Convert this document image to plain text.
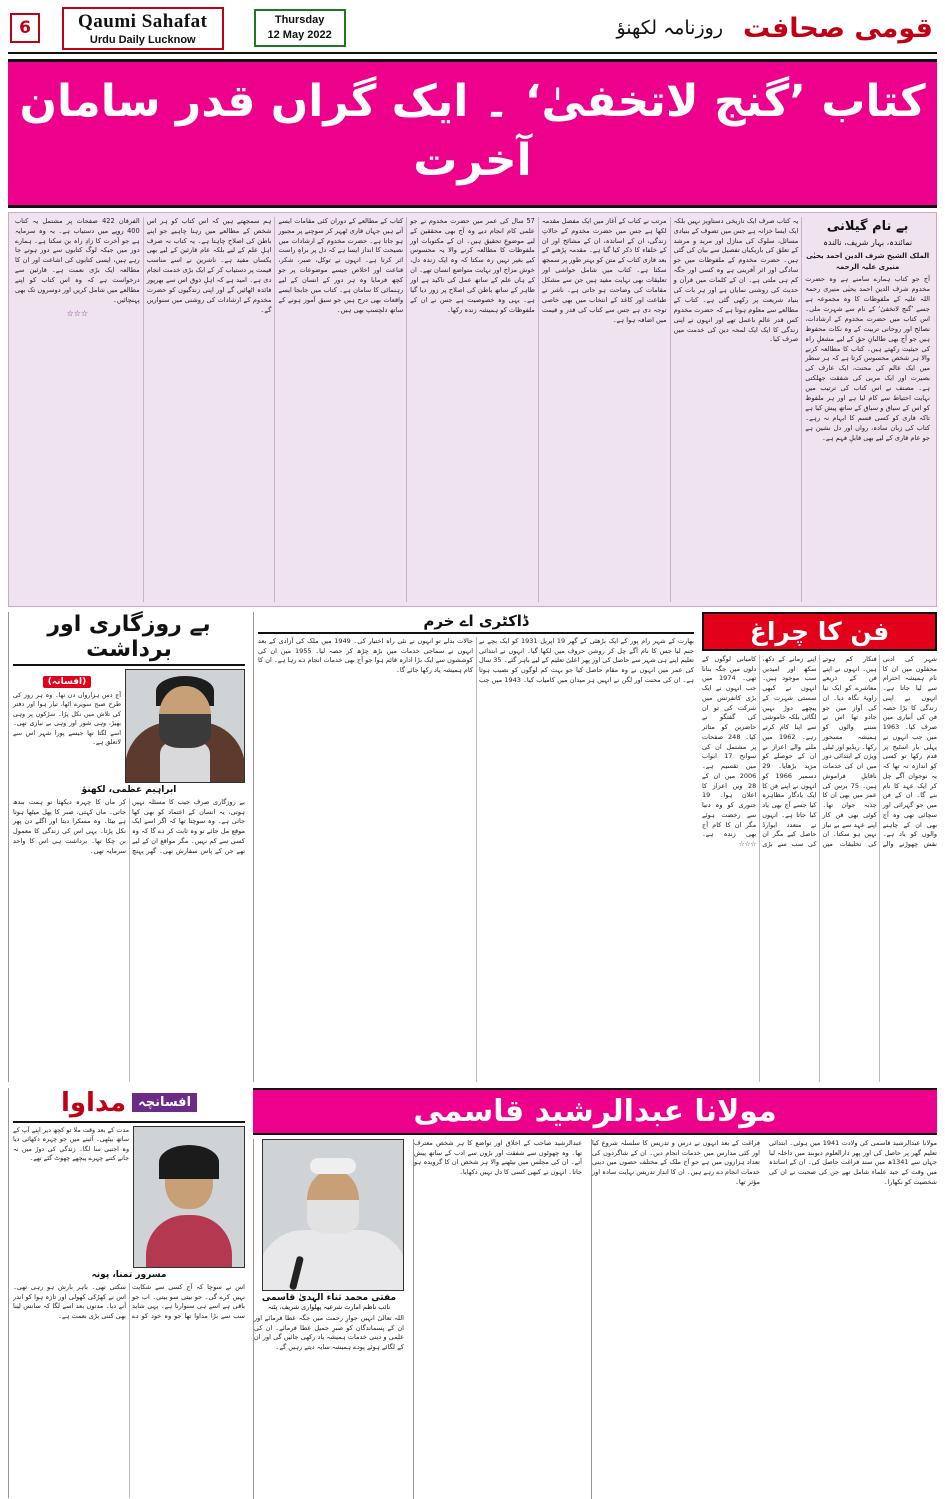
6	Qaumi Sahafat
Urdu Daily Lucknow
Thursday
12 May 2022	روزنامہ لکھنؤ قومی صحافت
کتاب ’گنج لاتخفیٰ‘ ۔ ایک گراں قدر سامان آخرت
بے نام گیلانی
نمائندہ، بہار شریف، نالندہ
الملک الشیخ شرف الدین احمد یحیٰی منیری علیہ الرحمہ
آج جو کتاب ہمارے سامنے ہے وہ حضرت مخدوم شرف الدین احمد یحیٰی منیری رحمۃ اللہ علیہ کے ملفوظات کا وہ مجموعہ ہے جسے ’گنج لاتخفیٰ‘ کے نام سے شہرت ملی۔ اس کتاب میں حضرت مخدوم کے ارشادات، نصائح اور روحانی تربیت کے وہ نکات محفوظ ہیں جو آج بھی طالبانِ حق کے لیے مشعلِ راہ کی حیثیت رکھتے ہیں۔ کتاب کا مطالعہ کرنے والا ہر شخص محسوس کرتا ہے کہ ہر سطر میں ایک عالم کی محنت، ایک عارف کی بصیرت اور ایک مربی کی شفقت جھلکتی ہے۔ مصنف نے اس کتاب کی ترتیب میں نہایت احتیاط سے کام لیا ہے اور ہر ملفوظ کو اس کے سیاق و سباق کے ساتھ پیش کیا ہے تاکہ قاری کو کسی قسم کا ابہام نہ رہے۔ کتاب کی زبان سادہ، رواں اور دل نشین ہے جو عام قاری کے لیے بھی قابلِ فہم ہے۔
یہ کتاب صرف ایک تاریخی دستاویز نہیں بلکہ ایک ایسا خزانہ ہے جس میں تصوف کے بنیادی مسائل، سلوک کی منازل اور مرید و مرشد کے تعلق کی باریکیاں تفصیل سے بیان کی گئی ہیں۔ حضرت مخدوم کے ملفوظات میں جو سادگی اور اثر آفرینی ہے وہ کسی اور جگہ کم ہی ملتی ہے۔ ان کے کلمات میں قرآن و حدیث کی روشنی نمایاں ہے اور ہر بات کی بنیاد شریعت پر رکھی گئی ہے۔ کتاب کے مطالعے سے معلوم ہوتا ہے کہ حضرت مخدوم کس قدر عالمِ باعمل تھے اور انہوں نے اپنی زندگی کا ایک ایک لمحہ دین کی خدمت میں صرف کیا۔
مرتب نے کتاب کے آغاز میں ایک مفصل مقدمہ لکھا ہے جس میں حضرت مخدوم کے حالاتِ زندگی، ان کے اساتذہ، ان کے مشائخ اور ان کے خلفاء کا ذکر کیا گیا ہے۔ مقدمہ پڑھنے کے بعد قاری کتاب کے متن کو بہتر طور پر سمجھ سکتا ہے۔ کتاب میں شامل حواشی اور تعلیقات بھی نہایت مفید ہیں جن سے مشکل مقامات کی وضاحت ہو جاتی ہے۔ ناشر نے طباعت اور کاغذ کے انتخاب میں بھی خاصی توجہ دی ہے جس سے کتاب کی قدر و قیمت میں اضافہ ہوا ہے۔
57 سال کی عمر میں حضرت مخدوم نے جو علمی کام انجام دیے وہ آج بھی محققین کے لیے موضوعِ تحقیق ہیں۔ ان کے مکتوبات اور ملفوظات کا مطالعہ کرنے والا یہ محسوس کیے بغیر نہیں رہ سکتا کہ وہ ایک زندہ دل، خوش مزاج اور نہایت متواضع انسان تھے۔ ان کے ہاں علم کے ساتھ عمل کی تاکید ہے اور ظاہر کے ساتھ باطن کی اصلاح پر زور دیا گیا ہے۔ یہی وہ خصوصیت ہے جس نے ان کے ملفوظات کو ہمیشہ زندہ رکھا۔
کتاب کے مطالعے کے دوران کئی مقامات ایسے آتے ہیں جہاں قاری ٹھہر کر سوچنے پر مجبور ہو جاتا ہے۔ حضرت مخدوم کے ارشادات میں نصیحت کا انداز ایسا ہے کہ دل پر براہِ راست اثر کرتا ہے۔ انہوں نے توکل، صبر، شکر، قناعت اور اخلاص جیسے موضوعات پر جو کچھ فرمایا وہ ہر دور کے انسان کے لیے رہنمائی کا سامان ہے۔ کتاب میں جابجا ایسے واقعات بھی درج ہیں جو سبق آموز ہونے کے ساتھ دلچسپ بھی ہیں۔
ہم سمجھتے ہیں کہ اس کتاب کو ہر اس شخص کے مطالعے میں رہنا چاہیے جو اپنے باطن کی اصلاح چاہتا ہے۔ یہ کتاب نہ صرف اہلِ علم کے لیے بلکہ عام قارئین کے لیے بھی یکساں مفید ہے۔ ناشرین نے اسے مناسب قیمت پر دستیاب کر کے ایک بڑی خدمت انجام دی ہے۔ امید ہے کہ اہلِ ذوق اس سے بھرپور فائدہ اٹھائیں گے اور اپنی زندگیوں کو حضرت مخدوم کے ارشادات کی روشنی میں سنواریں گے۔
الفرقان 422 صفحات پر مشتمل یہ کتاب 400 روپے میں دستیاب ہے۔ یہ وہ سرمایہ ہے جو آخرت کا زادِ راہ بن سکتا ہے۔ ہمارے دور میں جبکہ لوگ کتابوں سے دور ہوتے جا رہے ہیں، ایسی کتابوں کی اشاعت اور ان کا مطالعہ ایک بڑی نعمت ہے۔ قارئین سے درخواست ہے کہ وہ اس کتاب کو اپنے مطالعے میں شامل کریں اور دوسروں تک بھی پہنچائیں۔
☆☆☆
فن کا چراغ
شہر کی ادبی محفلوں میں ان کا نام ہمیشہ احترام سے لیا جاتا ہے۔ انہوں نے اپنی زندگی کا بڑا حصہ فن کی آبیاری میں صرف کیا۔ 1963 میں جب انہوں نے پہلی بار اسٹیج پر قدم رکھا تو کسی کو اندازہ نہ تھا کہ یہ نوجوان آگے چل کر ایک عہد کا نام بنے گا۔ ان کے فن میں جو گہرائی اور سچائی تھی وہ آج بھی ان کے چاہنے والوں کو یاد ہے۔ نقش چھوڑنے والے فنکار کم ہوتے ہیں۔ انہوں نے اپنے فن کے ذریعے معاشرے کو ایک نیا زاویۂ نگاہ دیا۔ ان کی آواز میں جو جادو تھا اس نے سننے والوں کو ہمیشہ مسحور رکھا۔ ریڈیو اور ٹیلی ویژن کے ابتدائی دور میں ان کی خدمات ناقابلِ فراموش ہیں۔ 75 برس کی عمر میں بھی ان کا جذبہ جوان تھا۔ کوئی بھی فن کار اپنے عہد سے بے نیاز نہیں ہو سکتا۔ ان کی تخلیقات میں اپنے زمانے کے دکھ، سکھ اور امیدیں سب موجود ہیں۔ انہوں نے کبھی سستی شہرت کے پیچھے دوڑ نہیں لگائی بلکہ خاموشی سے اپنا کام کرتے رہے۔ 1962 میں ملنے والے اعزاز نے ان کے حوصلے کو مزید بڑھایا۔ 29 دسمبر 1966 کو انہوں نے اپنے فن کا ایک یادگار مظاہرہ کیا جسے آج بھی یاد کیا جاتا ہے۔ انہوں نے متعدد ایوارڈ حاصل کیے مگر ان کی سب سے بڑی کامیابی لوگوں کے دلوں میں جگہ بنانا تھی۔ 1974 میں جب انہوں نے ایک بڑی کانفرنس میں شرکت کی تو ان کی گفتگو نے حاضرین کو متاثر کیا۔ 248 صفحات پر مشتمل ان کی سوانح 17 ابواب میں تقسیم ہے۔ 2006 میں ان کے 28 ویں اعزاز کا اعلان ہوا۔ 19 جنوری کو وہ دنیا سے رخصت ہوئے مگر ان کا کام آج بھی زندہ ہے۔ ☆☆☆
ڈاکٹری اے خرم
بھارت کے شہر رام پور کے ایک بڑھئی کے گھر 19 اپریل 1931 کو ایک بچے نے جنم لیا جس کا نام آگے چل کر روشن حروف میں لکھا گیا۔ انہوں نے ابتدائی تعلیم اپنے ہی شہر سے حاصل کی اور پھر اعلیٰ تعلیم کے لیے باہر گئے۔ 35 سال کی عمر میں انہوں نے وہ مقام حاصل کیا جو بہت کم لوگوں کو نصیب ہوتا ہے۔ ان کی محنت اور لگن نے انہیں ہر میدان میں کامیاب کیا۔ 1943 میں جب حالات بدلے تو انہوں نے نئی راہ اختیار کی۔ 1949 میں ملک کی آزادی کے بعد انہوں نے سماجی خدمات میں بڑھ چڑھ کر حصہ لیا۔ 1955 میں ان کی کوششوں سے ایک بڑا ادارہ قائم ہوا جو آج بھی خدمات انجام دے رہا ہے۔ ان کا کام ہمیشہ یاد رکھا جائے گا۔
بے روزگاری اور برداشت
(افسانہ)
آج دس ہزارواں دن تھا۔ وہ ہر روز کی طرح صبح سویرے اٹھا، تیار ہوا اور دفتر کی تلاش میں نکل پڑا۔ سڑکوں پر وہی بھیڑ، وہی شور اور وہی بے نیازی تھی۔ اسے لگتا تھا جیسے پورا شہر اس سے لاتعلق ہے۔
ابراہیم عظمی، لکھنؤ
بے روزگاری صرف جیب کا مسئلہ نہیں ہوتی، یہ انسان کے اعتماد کو بھی کھا جاتی ہے۔ وہ سوچتا تھا کہ اگر اسے ایک موقع مل جائے تو وہ ثابت کر دے گا کہ وہ کسی سے کم نہیں۔ مگر مواقع ان کے لیے تھے جن کے پاس سفارش تھی۔ گھر پہنچ کر ماں کا چہرہ دیکھتا تو ہمت بندھ جاتی۔ ماں کہتی، صبر کا پھل میٹھا ہوتا ہے بیٹا۔ وہ مسکرا دیتا اور اگلے دن پھر نکل پڑتا۔ یہی اس کی زندگی کا معمول بن چکا تھا۔ برداشت ہی اس کا واحد سرمایہ تھی۔
مولانا عبدالرشید قاسمی
مولانا عبدالرشید قاسمی کی ولادت 1941 میں ہوئی۔ ابتدائی تعلیم گھر پر حاصل کی اور پھر دارالعلوم دیوبند میں داخلہ لیا جہاں سے 1341ھ میں سند فراغت حاصل کی۔ ان کے اساتذہ میں وقت کے جید علماء شامل تھے جن کی صحبت نے ان کی شخصیت کو نکھارا۔
فراغت کے بعد انہوں نے درس و تدریس کا سلسلہ شروع کیا اور کئی مدارس میں خدمات انجام دیں۔ ان کے شاگردوں کی تعداد ہزاروں میں ہے جو آج ملک کے مختلف حصوں میں دینی خدمات انجام دے رہے ہیں۔ ان کا انداز تدریس نہایت سادہ اور مؤثر تھا۔
عبدالرشید صاحب کے اخلاق اور تواضع کا ہر شخص معترف تھا۔ وہ چھوٹوں سے شفقت اور بڑوں سے ادب کے ساتھ پیش آتے۔ ان کی مجلس میں بیٹھنے والا ہر شخص ان کا گرویدہ ہو جاتا۔ انہوں نے کبھی کسی کا دل نہیں دکھایا۔
مفتی محمد ثناء الہدیٰ قاسمی
نائب ناظم امارت شرعیہ پھلواری شریف، پٹنہ
اللہ تعالیٰ انہیں جوارِ رحمت میں جگہ عطا فرمائے اور ان کے پسماندگان کو صبرِ جمیل عطا فرمائے۔ ان کی علمی و دینی خدمات ہمیشہ یاد رکھی جائیں گی اور ان کے لگائے ہوئے پودے ہمیشہ سایہ دیتے رہیں گے۔
افسانچہ
مداوا
مدت کے بعد وقت ملا تو کچھ دیر اپنے آپ کے ساتھ بیٹھی۔ آئینے میں جو چہرہ دکھائی دیا وہ اجنبی سا لگا۔ زندگی کی دوڑ میں نہ جانے کتنے چہرے پیچھے چھوٹ گئے تھے۔
مسرور تمنا، پونہ
اس نے سوچا کہ آج کسی سے شکایت نہیں کرے گی۔ جو بیتی سو بیتی۔ اب جو باقی ہے اسے ہی سنوارنا ہے۔ یہی شاید سب سے بڑا مداوا تھا جو وہ خود کو دے سکتی تھی۔ باہر بارش ہو رہی تھی۔ اس نے کھڑکی کھولی اور تازہ ہوا کو اندر آنے دیا۔ مدتوں بعد اسے لگا کہ سانس لینا بھی کتنی بڑی نعمت ہے۔
